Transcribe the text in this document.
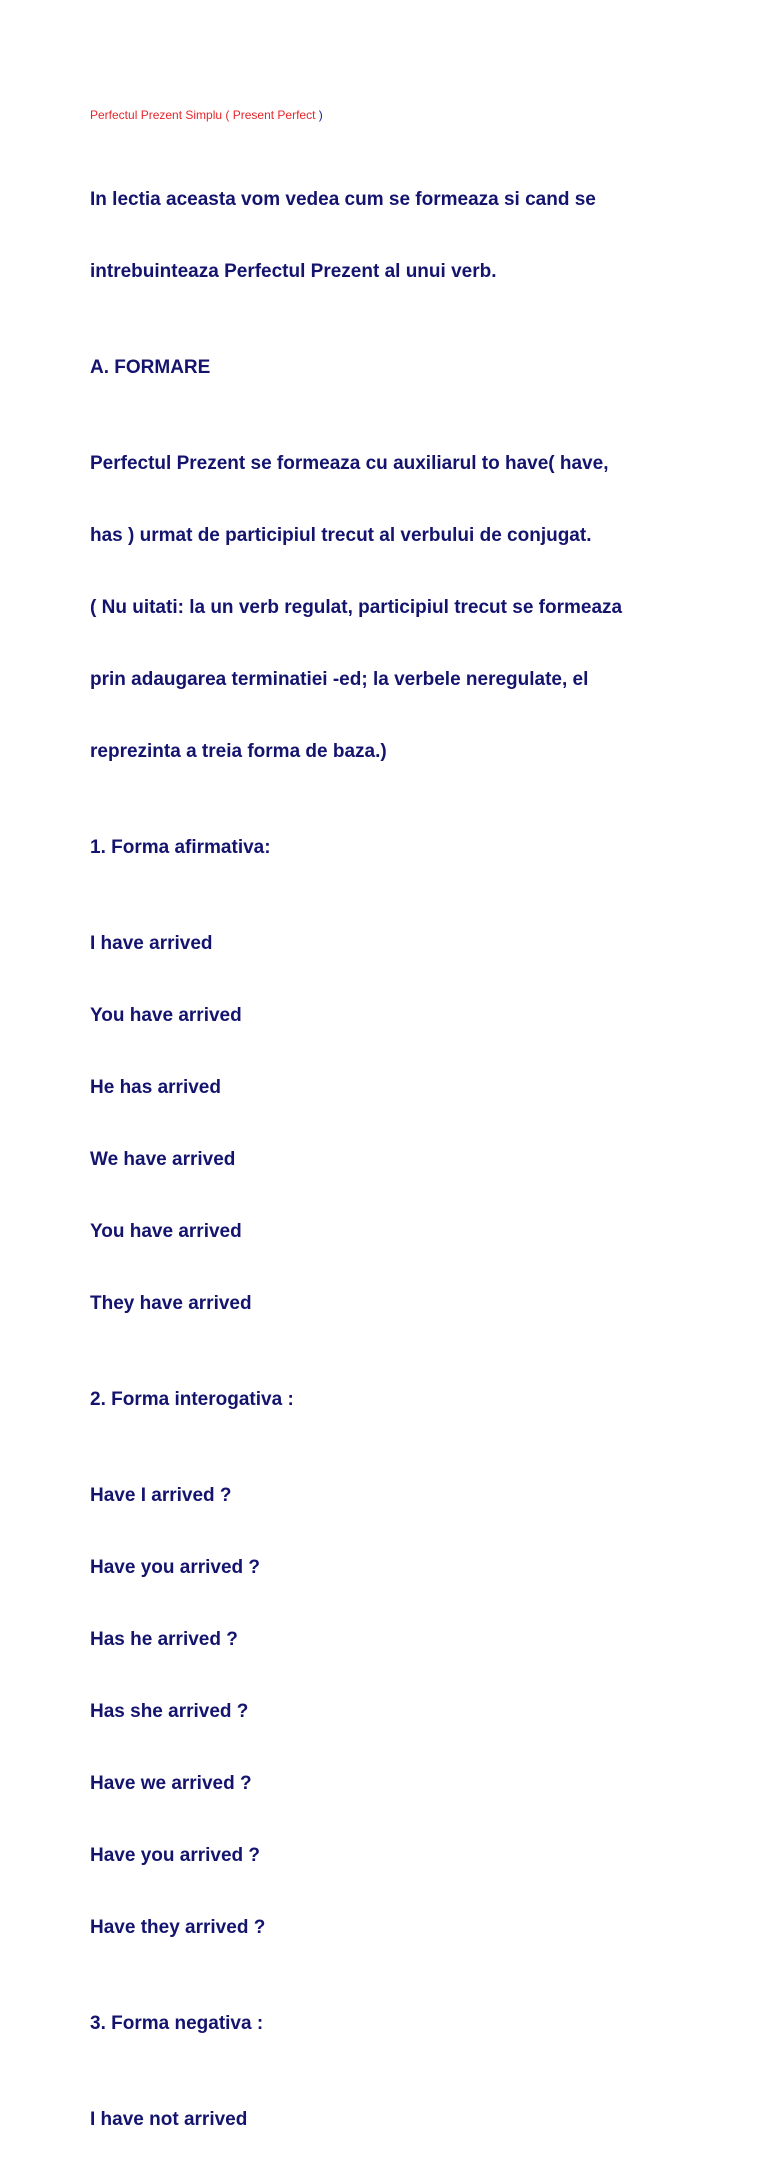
Perfectul Prezent Simplu ( Present Perfect )

In lectia aceasta vom vedea cum se formeaza si cand se

intrebuinteaza Perfectul Prezent al unui verb.

A. FORMARE

Perfectul Prezent se formeaza cu auxiliarul to have( have,

has ) urmat de participiul trecut al verbului de conjugat.

( Nu uitati: la un verb regulat, participiul trecut se formeaza

prin adaugarea terminatiei -ed; la verbele neregulate, el

reprezinta a treia forma de baza.)

1. Forma afirmativa:

I have arrived

You have arrived

He has arrived

We have arrived

You have arrived

They have arrived

2. Forma interogativa :

Have I arrived ?

Have you arrived ?

Has he arrived ?

Has she arrived ?

Have we arrived ?

Have you arrived ?

Have they arrived ?

3. Forma negativa :

I have not arrived
